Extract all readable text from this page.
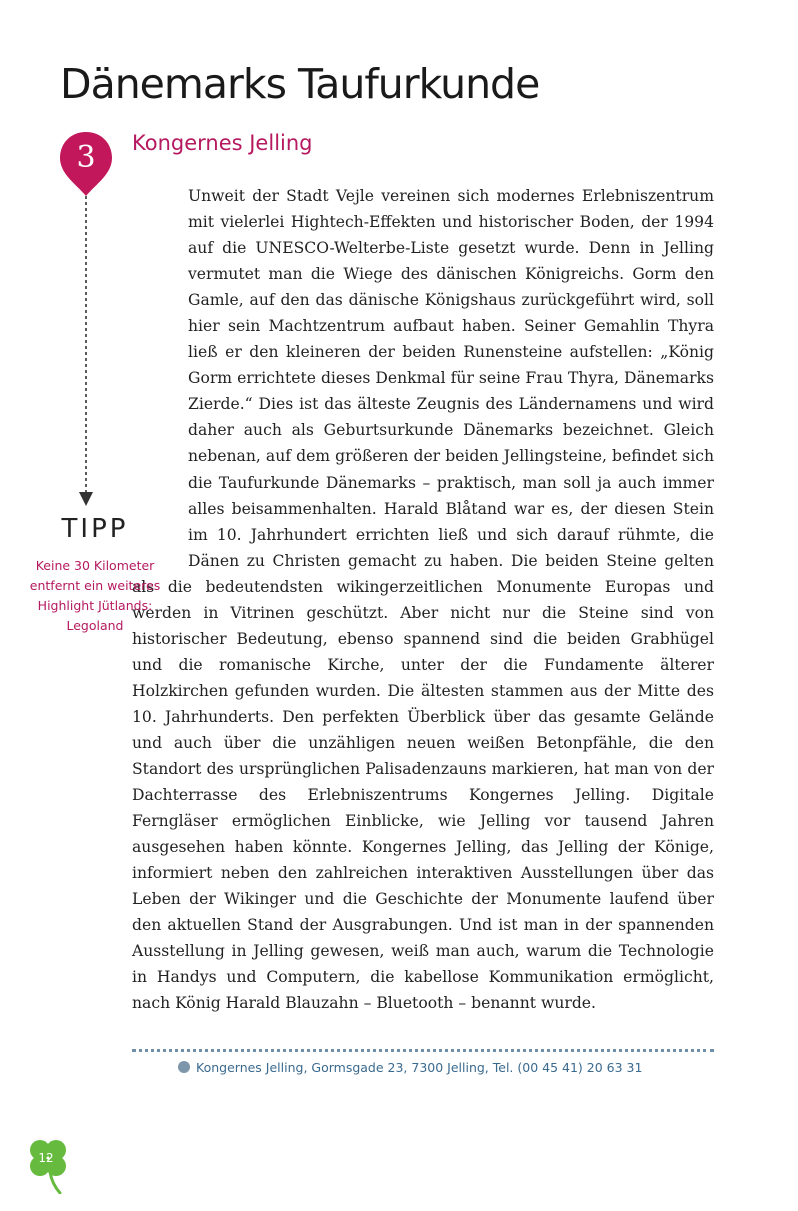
Dänemarks Taufurkunde
3	Kongernes Jelling
Unweit der Stadt Vejle vereinen sich modernes Erlebniszentrum mit vielerlei Hightech-Effekten und historischer Boden, der 1994 auf die UNESCO-Welterbe-Liste gesetzt wurde. Denn in Jelling vermutet man die Wiege des dänischen Königreichs. Gorm den Gamle, auf den das dänische Königshaus zurückgeführt wird, soll hier sein Machtzentrum aufbaut haben. Seiner Gemahlin Thyra ließ er den kleineren der beiden Runensteine aufstellen: „König Gorm errichtete dieses Denkmal für seine Frau Thyra, Dänemarks Zierde.“ Dies ist das älteste Zeugnis des Ländernamens und wird daher auch als Geburtsurkunde Dänemarks bezeichnet. Gleich nebenan, auf dem größeren der beiden Jellingsteine, befindet sich die Taufurkunde Dänemarks – praktisch, man soll ja auch immer alles beisammenhalten. Harald Blåtand war es, der diesen Stein im 10. Jahrhundert errichten ließ und sich darauf rühmte, die Dänen zu Christen gemacht zu haben. Die beiden Steine gelten als die bedeutendsten wikingerzeitlichen Monumente Europas und werden in Vitrinen geschützt. Aber nicht nur die Steine sind von historischer Bedeutung, ebenso spannend sind die beiden Grabhügel und die romanische Kirche, unter der die Fundamente älterer Holzkirchen gefunden wurden. Die ältesten stammen aus der Mitte des 10. Jahrhunderts. Den perfekten Überblick über das gesamte Gelände und auch über die unzähligen neuen weißen Betonpfähle, die den Standort des ursprünglichen Palisadenzauns markieren, hat man von der Dachterrasse des Erlebniszentrums Kongernes Jelling. Digitale Ferngläser ermöglichen Einblicke, wie Jelling vor tausend Jahren ausgesehen haben könnte. Kongernes Jelling, das Jelling der Könige, informiert neben den zahlreichen interaktiven Ausstellungen über das Leben der Wikinger und die Geschichte der Monumente laufend über den aktuellen Stand der Ausgrabungen. Und ist man in der spannenden Ausstellung in Jelling gewesen, weiß man auch, warum die Technologie in Handys und Computern, die kabellose Kommunikation ermöglicht, nach König Harald Blauzahn – Bluetooth – benannt wurde.
TIPP
Keine 30 Kilometer entfernt ein weiteres Highlight Jütlands: Legoland
Kongernes Jelling, Gormsgade 23, 7300 Jelling, Tel. (00 45 41) 20 63 31
12
